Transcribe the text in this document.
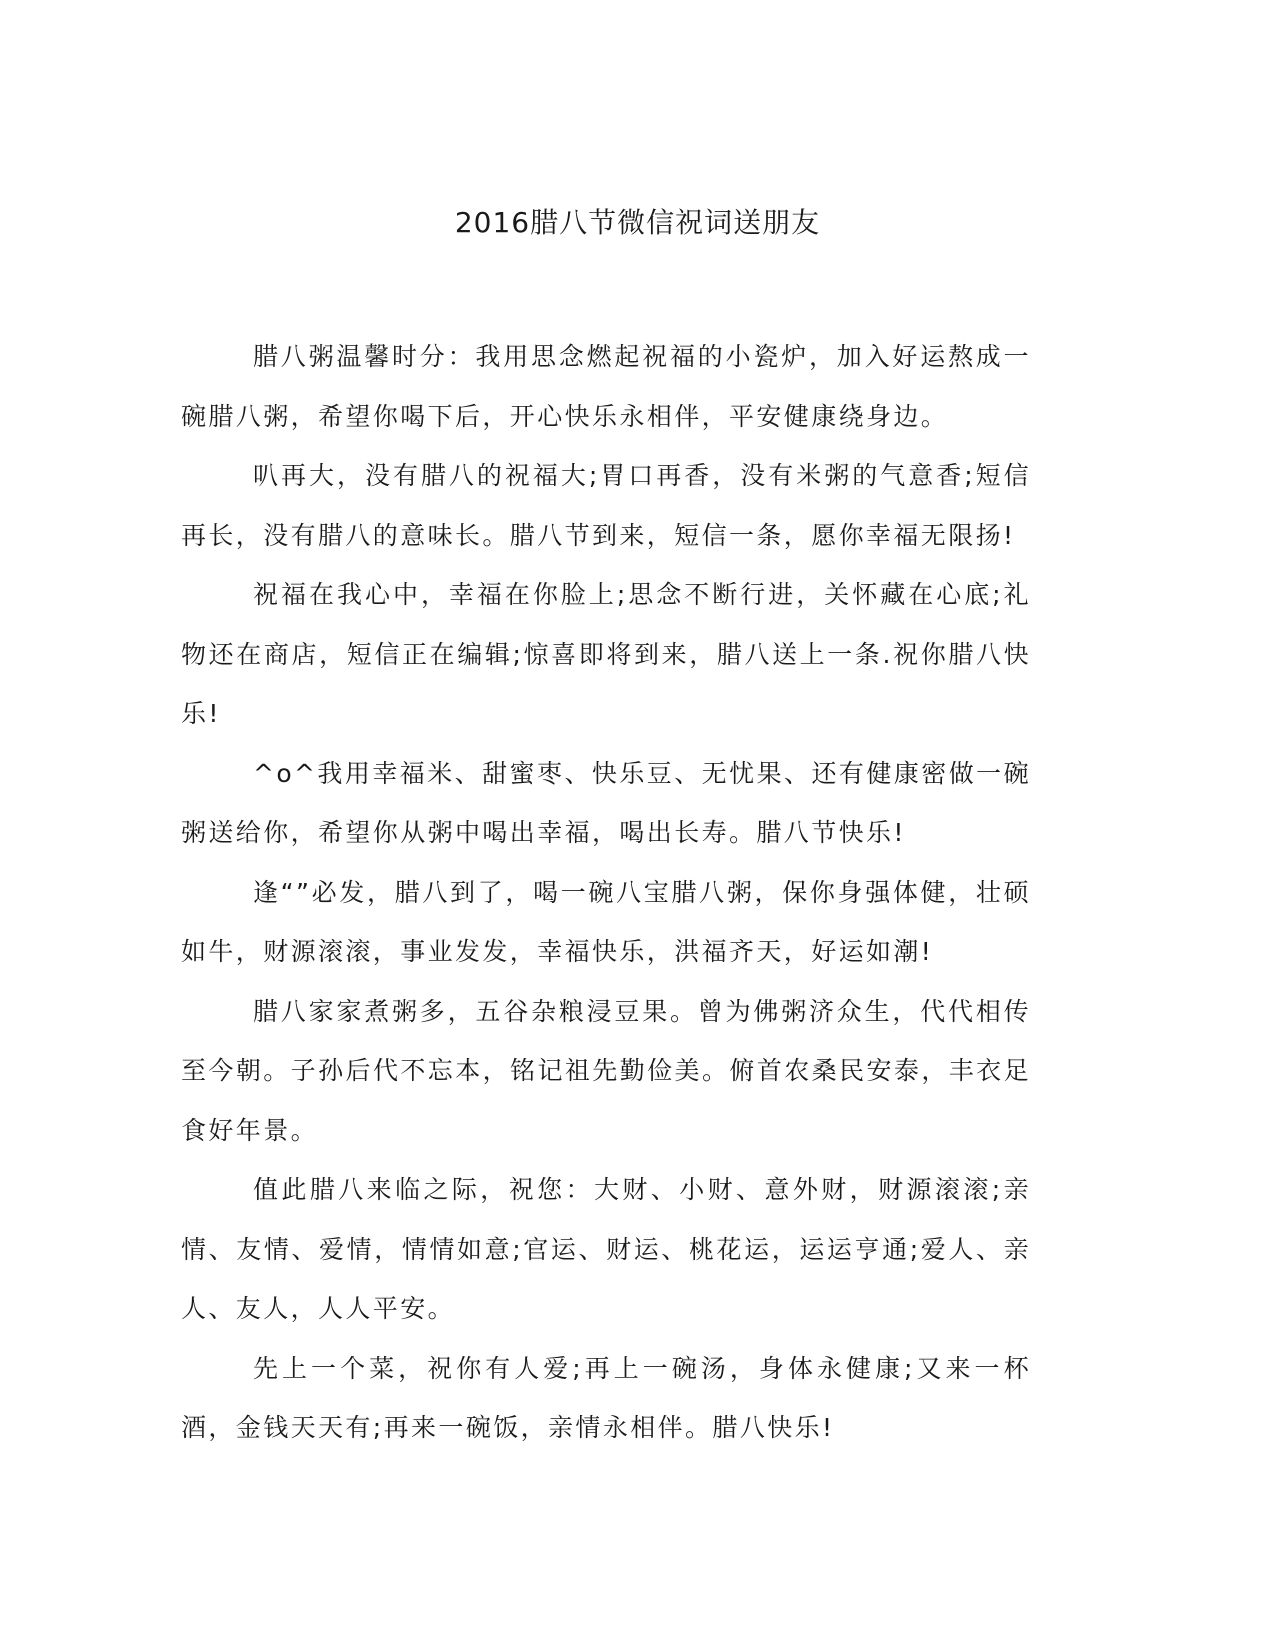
2016腊八节微信祝词送朋友

腊八粥温馨时分：我用思念燃起祝福的小瓷炉，加入好运熬成一碗腊八粥，希望你喝下后，开心快乐永相伴，平安健康绕身边。

叭再大，没有腊八的祝福大;胃口再香，没有米粥的气意香;短信再长，没有腊八的意味长。腊八节到来，短信一条，愿你幸福无限扬!

祝福在我心中，幸福在你脸上;思念不断行进，关怀藏在心底;礼物还在商店，短信正在编辑;惊喜即将到来，腊八送上一条.祝你腊八快乐!

^o^我用幸福米、甜蜜枣、快乐豆、无忧果、还有健康密做一碗粥送给你，希望你从粥中喝出幸福，喝出长寿。腊八节快乐!

逢“”必发，腊八到了，喝一碗八宝腊八粥，保你身强体健，壮硕如牛，财源滚滚，事业发发，幸福快乐，洪福齐天，好运如潮!

腊八家家煮粥多，五谷杂粮浸豆果。曾为佛粥济众生，代代相传至今朝。子孙后代不忘本，铭记祖先勤俭美。俯首农桑民安泰，丰衣足食好年景。

值此腊八来临之际，祝您：大财、小财、意外财，财源滚滚;亲情、友情、爱情，情情如意;官运、财运、桃花运，运运亨通;爱人、亲人、友人，人人平安。

先上一个菜，祝你有人爱;再上一碗汤，身体永健康;又来一杯酒，金钱天天有;再来一碗饭，亲情永相伴。腊八快乐!
